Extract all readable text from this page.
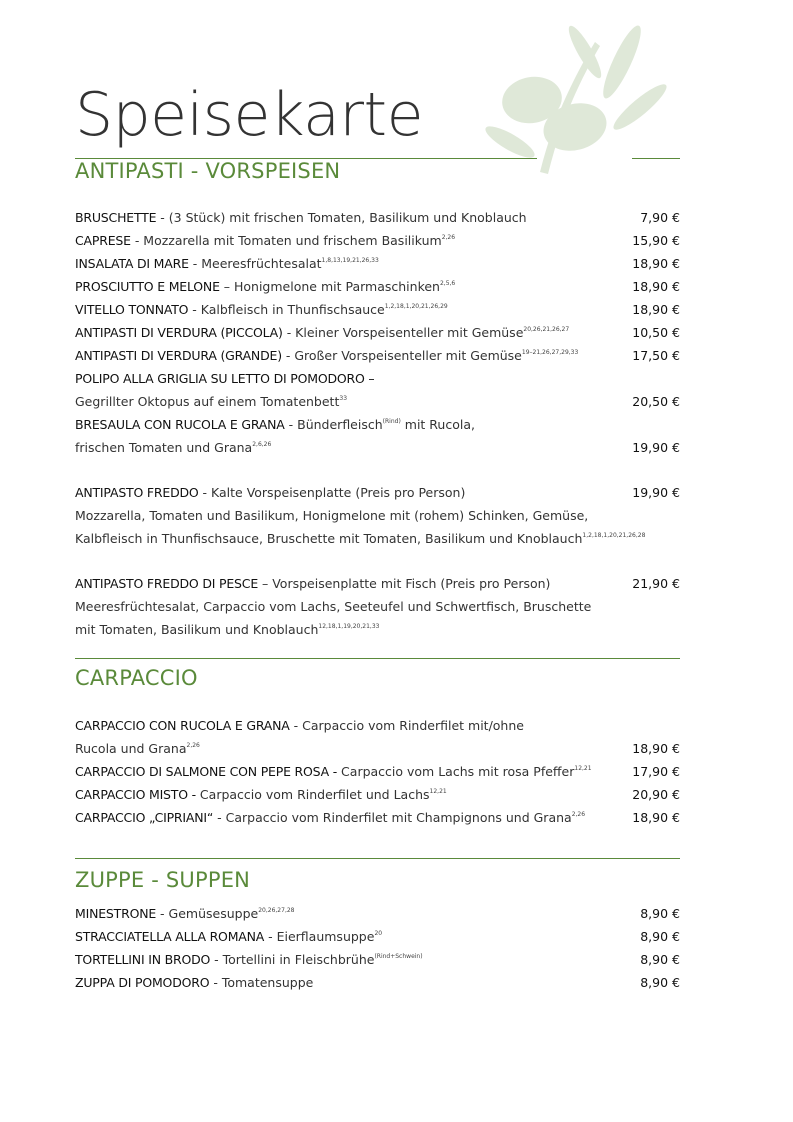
Speisekarte
ANTIPASTI - VORSPEISEN
BRUSCHETTE - (3 Stück) mit frischen Tomaten, Basilikum und Knoblauch	7,90 €
CAPRESE - Mozzarella mit Tomaten und frischem Basilikum$^{2,26}$	15,90 €
INSALATA DI MARE - Meeresfrüchtesalat$^{1,8,13,19,21,26,33}$	18,90 €
PROSCIUTTO E MELONE – Honigmelone mit Parmaschinken$^{2,5,6}$	18,90 €
VITELLO TONNATO - Kalbfleisch in Thunfischsauce$^{1,2,18,1,20,21,26,29}$	18,90 €
ANTIPASTI DI VERDURA (PICCOLA) - Kleiner Vorspeisenteller mit Gemüse$^{20,26,21,26,27}$	10,50 €
ANTIPASTI DI VERDURA (GRANDE) - Großer Vorspeisenteller mit Gemüse$^{19-21,26,27,29,33}$	17,50 €
POLIPO ALLA GRIGLIA SU LETTO DI POMODORO –
Gegrillter Oktopus auf einem Tomatenbett$^{33}$	20,50 €
BRESAULA CON RUCOLA E GRANA - Bünderfleisch$^{(Rind)}$ mit Rucola,
frischen Tomaten und Grana$^{2,6,26}$	19,90 €
ANTIPASTO FREDDO - Kalte Vorspeisenplatte (Preis pro Person)	19,90 €
Mozzarella, Tomaten und Basilikum, Honigmelone mit (rohem) Schinken, Gemüse,
Kalbfleisch in Thunfischsauce, Bruschette mit Tomaten, Basilikum und Knoblauch$^{1,2,18,1,20,21,26,28}$
ANTIPASTO FREDDO DI PESCE – Vorspeisenplatte mit Fisch (Preis pro Person)	21,90 €
Meeresfrüchtesalat, Carpaccio vom Lachs, Seeteufel und Schwertfisch, Bruschette
mit Tomaten, Basilikum und Knoblauch$^{12,18,1,19,20,21,33}$
CARPACCIO
CARPACCIO CON RUCOLA E GRANA - Carpaccio vom Rinderfilet mit/ohne
Rucola und Grana$^{2,26}$	18,90 €
CARPACCIO DI SALMONE CON PEPE ROSA - Carpaccio vom Lachs mit rosa Pfeffer$^{12,21}$	17,90 €
CARPACCIO MISTO - Carpaccio vom Rinderfilet und Lachs$^{12,21}$	20,90 €
CARPACCIO „CIPRIANI“ - Carpaccio vom Rinderfilet mit Champignons und Grana$^{2,26}$	18,90 €
ZUPPE - SUPPEN
MINESTRONE - Gemüsesuppe$^{20,26,27,28}$	8,90 €
STRACCIATELLA ALLA ROMANA - Eierflaumsuppe$^{20}$	8,90 €
TORTELLINI IN BRODO - Tortellini in Fleischbrühe$^{(Rind+Schwein)}$	8,90 €
ZUPPA DI POMODORO - Tomatensuppe	8,90 €
